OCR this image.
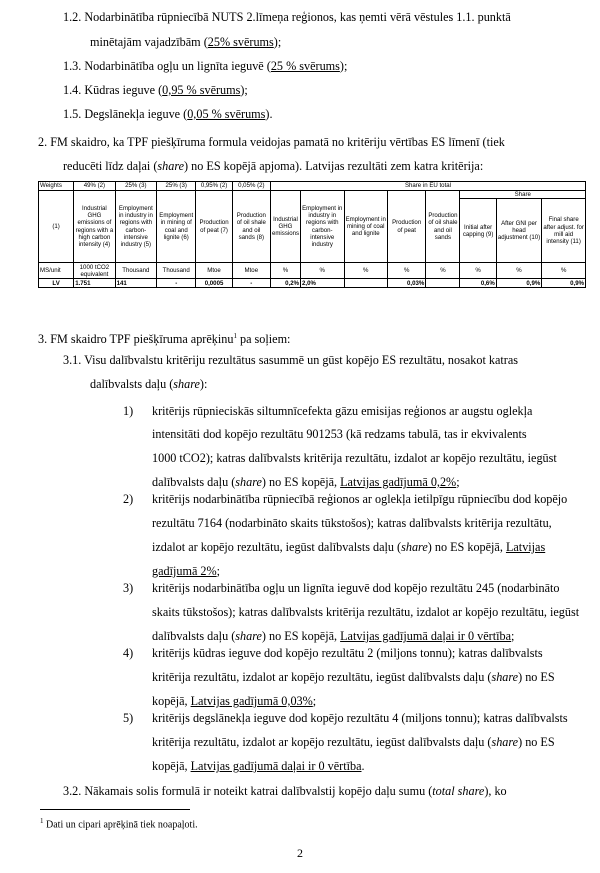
1.2. Nodarbinātība rūpniecībā NUTS 2.līmeņa reģionos, kas ņemti vērā vēstules 1.1. punktā
minētajām vajadzībām (25% svērums);
1.3. Nodarbinātība ogļu un lignīta ieguvē (25 % svērums);
1.4. Kūdras ieguve (0,95 % svērums);
1.5. Degslānekļa ieguve (0,05 % svērums).
2. FM skaidro, ka TPF piešķīruma formula veidojas pamatā no kritēriju vērtības ES līmenī (tiek
reducēti līdz daļai (share) no ES kopējā apjoma). Latvijas rezultāti zem katra kritērija:
Weights	49% (2)	25% (3)	25% (3)	0,95% (2)	0,05% (2)	Share in EU total							
(1)	Industrial GHG emissions of regions with a high carbon intensity (4)	Employment in industry in regions with carbon-intensive industry (5)	Employment in mining of coal and lignite (6)	Production of peat (7)	Production of oil shale and oil sands (8)	Industrial GHG emissions	Employment in industry in regions with carbon-intensive industry	Employment in mining of coal and lignite	Production of peat	Production of oil shale and oil sands	Share		
											Initial after capping (9)	After GNI per head adjustment (10)	Final share after adjust. for mill aid intensity (11)
MS/unit	1000 tCO2 equivalent	Thousand	Thousand	Mtoe	Mtoe	%	%	%	%	%	%	%	%
LV	1.751	141	-	0,0005	-	0,2%	2,0%		0,03%		0,6%	0,9%	0,9%
3. FM skaidro TPF piešķīruma aprēķinu$^1$ pa soļiem:
3.1. Visu dalībvalstu kritēriju rezultātus sasummē un gūst kopējo ES rezultātu, nosakot katras
dalībvalsts daļu (share):
1) kritērijs rūpnieciskās siltumnīcefekta gāzu emisijas reģionos ar augstu oglekļa
intensitāti dod kopējo rezultātu 901253 (kā redzams tabulā, tas ir ekvivalents
1000 tCO2); katras dalībvalsts kritērija rezultātu, izdalot ar kopējo rezultātu, iegūst
dalībvalsts daļu (share) no ES kopējā, Latvijas gadījumā 0,2%;
2) kritērijs nodarbinātība rūpniecībā reģionos ar oglekļa ietilpīgu rūpniecību dod kopējo
rezultātu 7164 (nodarbināto skaits tūkstošos); katras dalībvalsts kritērija rezultātu,
izdalot ar kopējo rezultātu, iegūst dalībvalsts daļu (share) no ES kopējā, Latvijas
gadījumā 2%;
3) kritērijs nodarbinātība ogļu un lignīta ieguvē dod kopējo rezultātu 245 (nodarbināto
skaits tūkstošos); katras dalībvalsts kritērija rezultātu, izdalot ar kopējo rezultātu, iegūst
dalībvalsts daļu (share) no ES kopējā, Latvijas gadījumā daļai ir 0 vērtība;
4) kritērijs kūdras ieguve dod kopējo rezultātu 2 (miljons tonnu); katras dalībvalsts
kritērija rezultātu, izdalot ar kopējo rezultātu, iegūst dalībvalsts daļu (share) no ES
kopējā, Latvijas gadījumā 0,03%;
5) kritērijs degslānekļa ieguve dod kopējo rezultātu 4 (miljons tonnu); katras dalībvalsts
kritērija rezultātu, izdalot ar kopējo rezultātu, iegūst dalībvalsts daļu (share) no ES
kopējā, Latvijas gadījumā daļai ir 0 vērtība.
$^1$ Dati un cipari aprēķinā tiek noapaļoti.
2
3.2. Nākamais solis formulā ir noteikt katrai dalībvalstij kopējo daļu sumu (total share), ko
